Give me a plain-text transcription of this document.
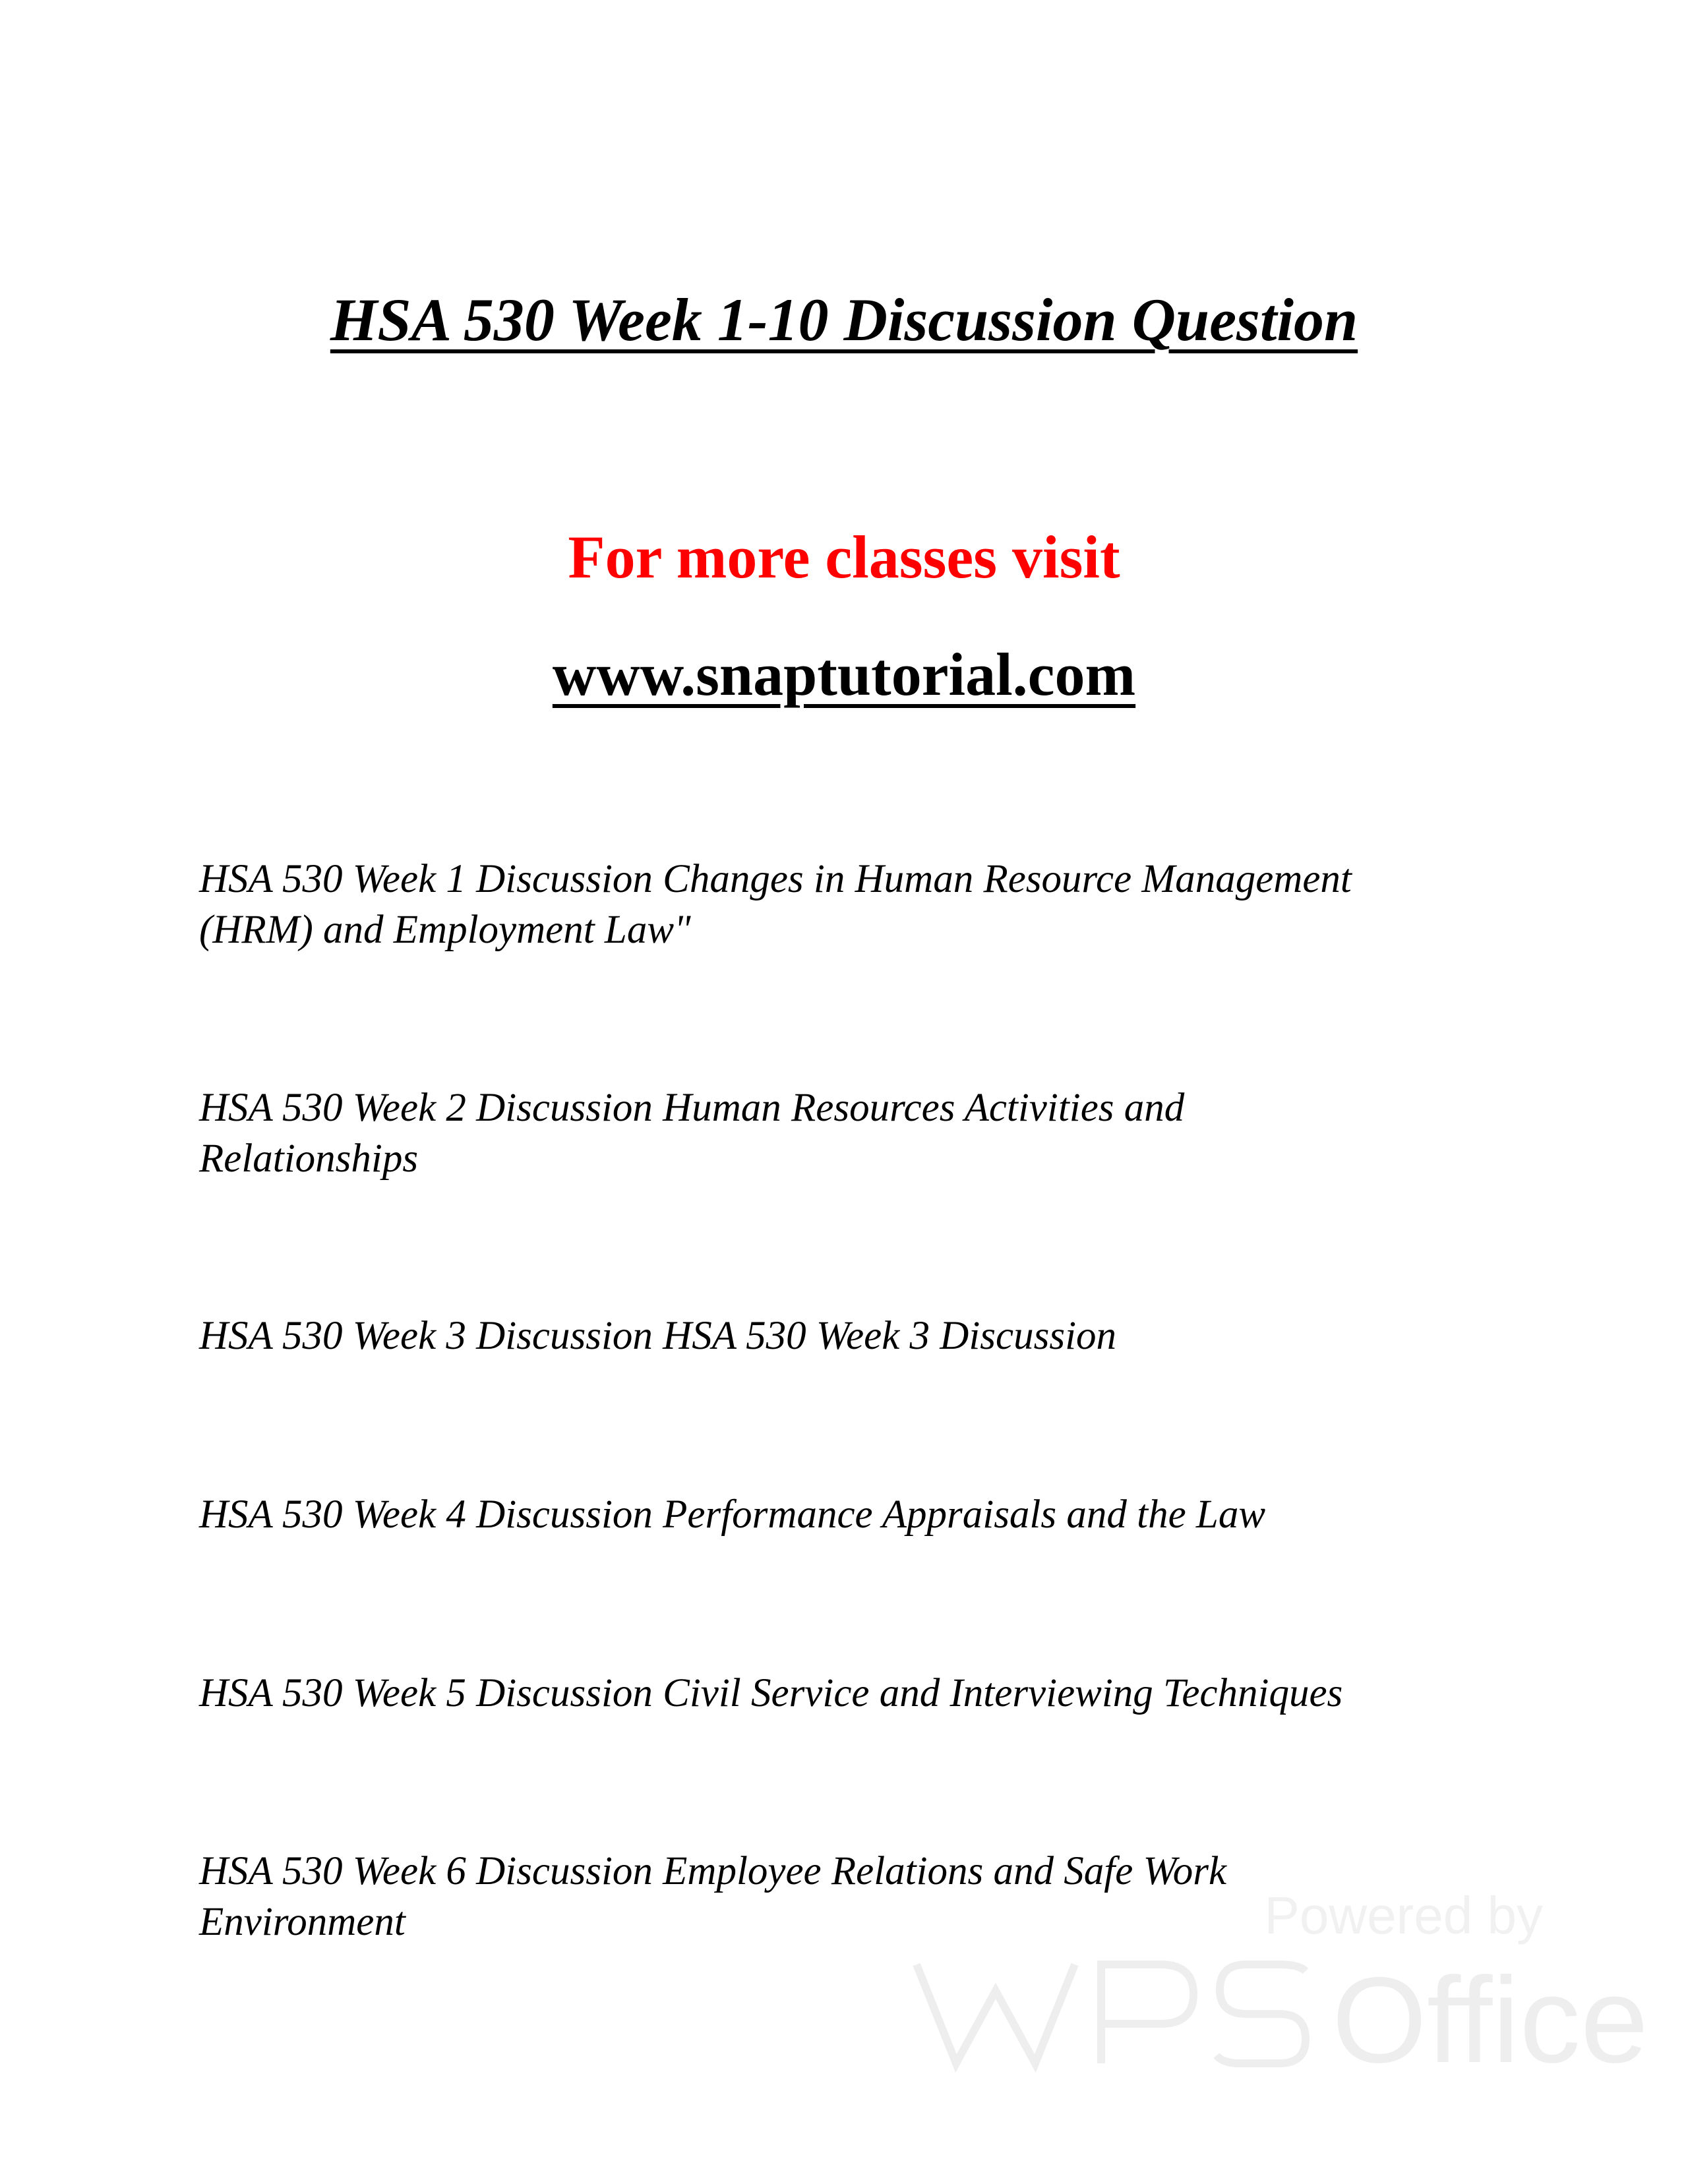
HSA 530 Week 1-10 Discussion Question
For more classes visit
www.snaptutorial.com
HSA 530 Week 1 Discussion Changes in Human Resource Management
(HRM) and Employment Law"
HSA 530 Week 2 Discussion Human Resources Activities and
Relationships
HSA 530 Week 3 Discussion HSA 530 Week 3 Discussion
HSA 530 Week 4 Discussion Performance Appraisals and the Law
HSA 530 Week 5 Discussion Civil Service and Interviewing Techniques
HSA 530 Week 6 Discussion Employee Relations and Safe Work
Environment	Powered by
Office
